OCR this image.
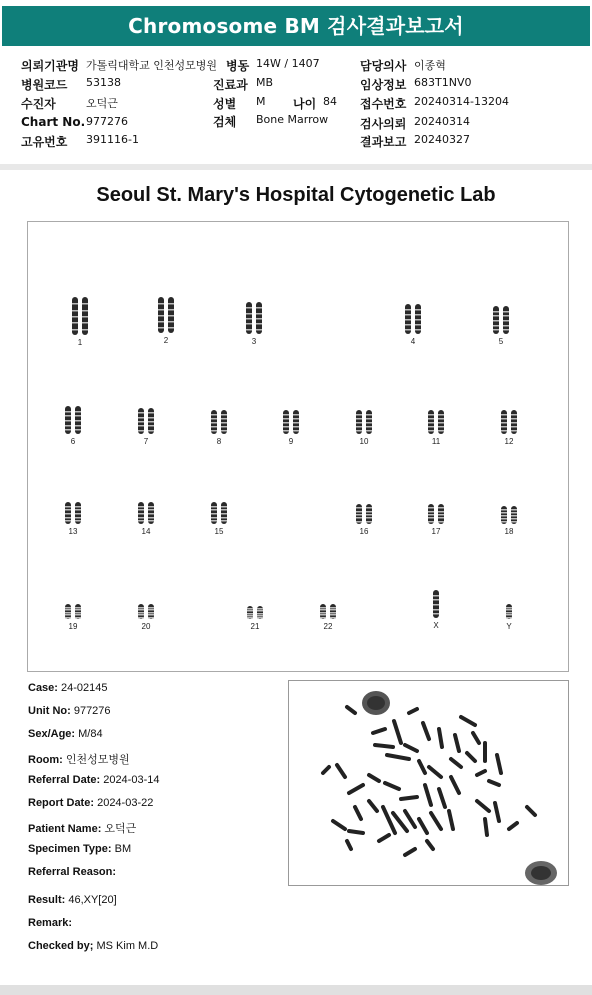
Chromosome BM 검사결과보고서
의뢰기관명 가톨릭대학교 인천성모병원 병동 14W / 1407	담당의사 이종혁
병원코드 53138	진료과 MB	임상정보 683T1NV0
수진자	오덕근	성별 M 나이 84 접수번호 20240314-13204
Chart No. 977276	검체 Bone Marrow	검사의뢰 20240314
고유번호 391116-1	결과보고 20240327
Seoul St. Mary's Hospital Cytogenetic Lab
1	2	3	4	5
6	7	8	9	10	11	12
13	14	15	16	17	18
19	20	21	22	X	Y
Case: 24-02145
Unit No: 977276
Sex/Age: M/84
Room: 인천성모병원
Referral Date: 2024-03-14
Report Date: 2024-03-22
Patient Name: 오덕근
Specimen Type: BM
Referral Reason:
Result: 46,XY[20]
Remark:
Checked by; MS Kim M.D
